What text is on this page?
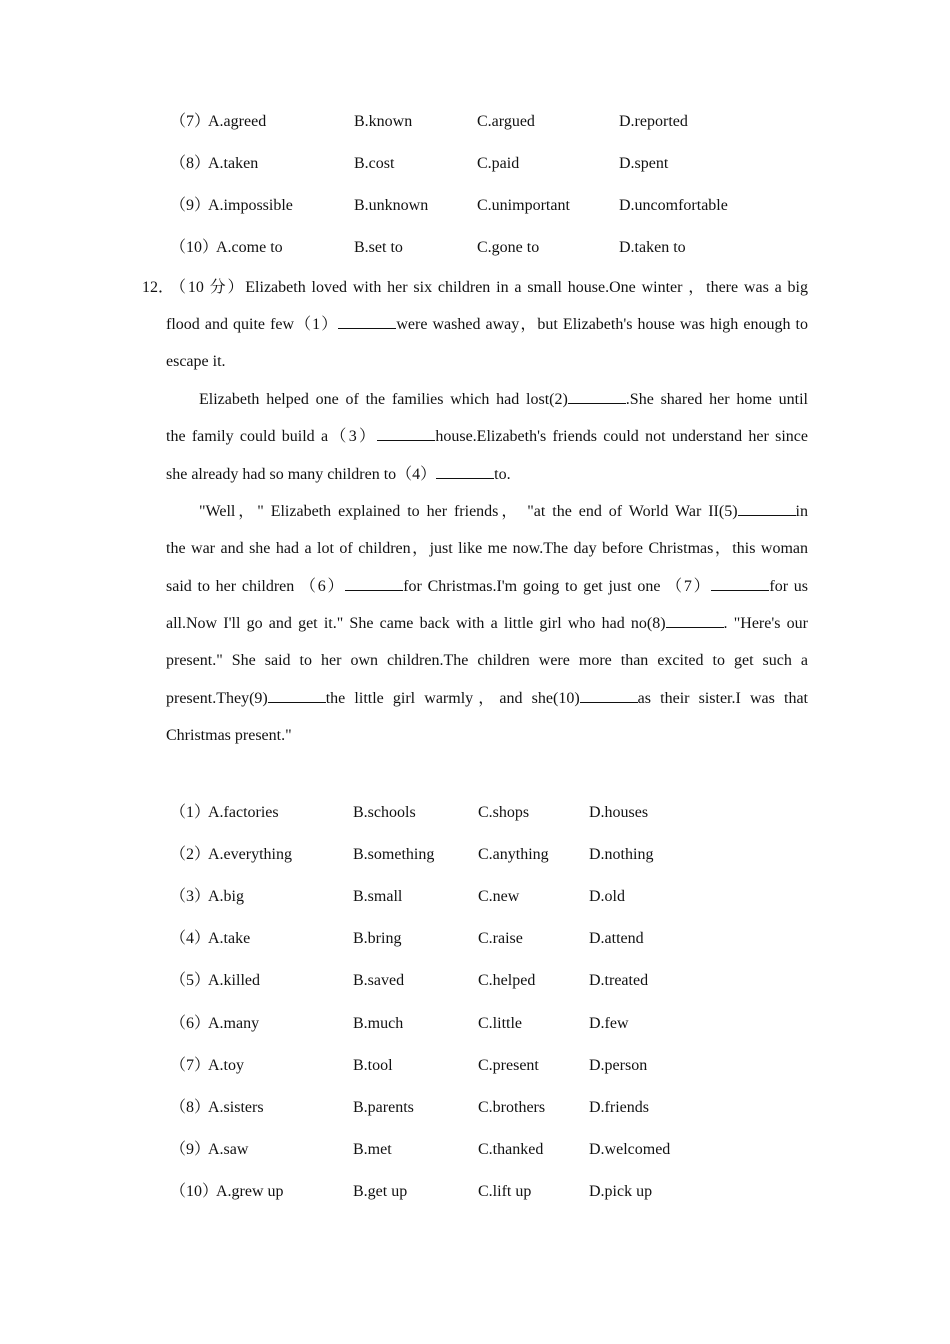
（7）
A.agreed	B.known	C.argued	D.reported
（8）
A.taken	B.cost	C.paid	D.spent
（9）
A.impossible	B.unknown	C.unimportant	D.uncomfortable
（10）
A.come to	B.set to	C.gone to	D.taken to
12．
（10 分）Elizabeth loved with her six children in a small house.One winter ，there was a big
flood and quite few（1）	were washed away，but Elizabeth's house was high enough to
escape it.
Elizabeth helped one of the families which had lost(2)	.She shared her home until
the family could build a（3）	house.Elizabeth's friends could not understand her since
she already had so many children to（4）	to.
"Well，" Elizabeth explained to her friends， "at the end of World War II(5)	in
the war and she had a lot of children，just like me now.The day before Christmas，this woman
said to her children （6）	for Christmas.I'm going to get just one （7）	for us
all.Now I'll go and get it." She came back with a little girl who had no(8)	. "Here's our
present." She said to her own children.The children were more than excited to get such a
present.They(9)	the little girl warmly，and she(10)	as their sister.I was that
Christmas present."
（1）
A.factories	B.schools	C.shops	D.houses
（2）
A.everything	B.something	C.anything	D.nothing
（3）
A.big	B.small	C.new	D.old
（4）
A.take	B.bring	C.raise	D.attend
（5）
A.killed	B.saved	C.helped	D.treated
（6）
A.many	B.much	C.little	D.few
（7）
A.toy	B.tool	C.present	D.person
（8）
A.sisters	B.parents	C.brothers	D.friends
（9）
A.saw	B.met	C.thanked	D.welcomed
（10）
A.grew up	B.get up	C.lift up	D.pick up
